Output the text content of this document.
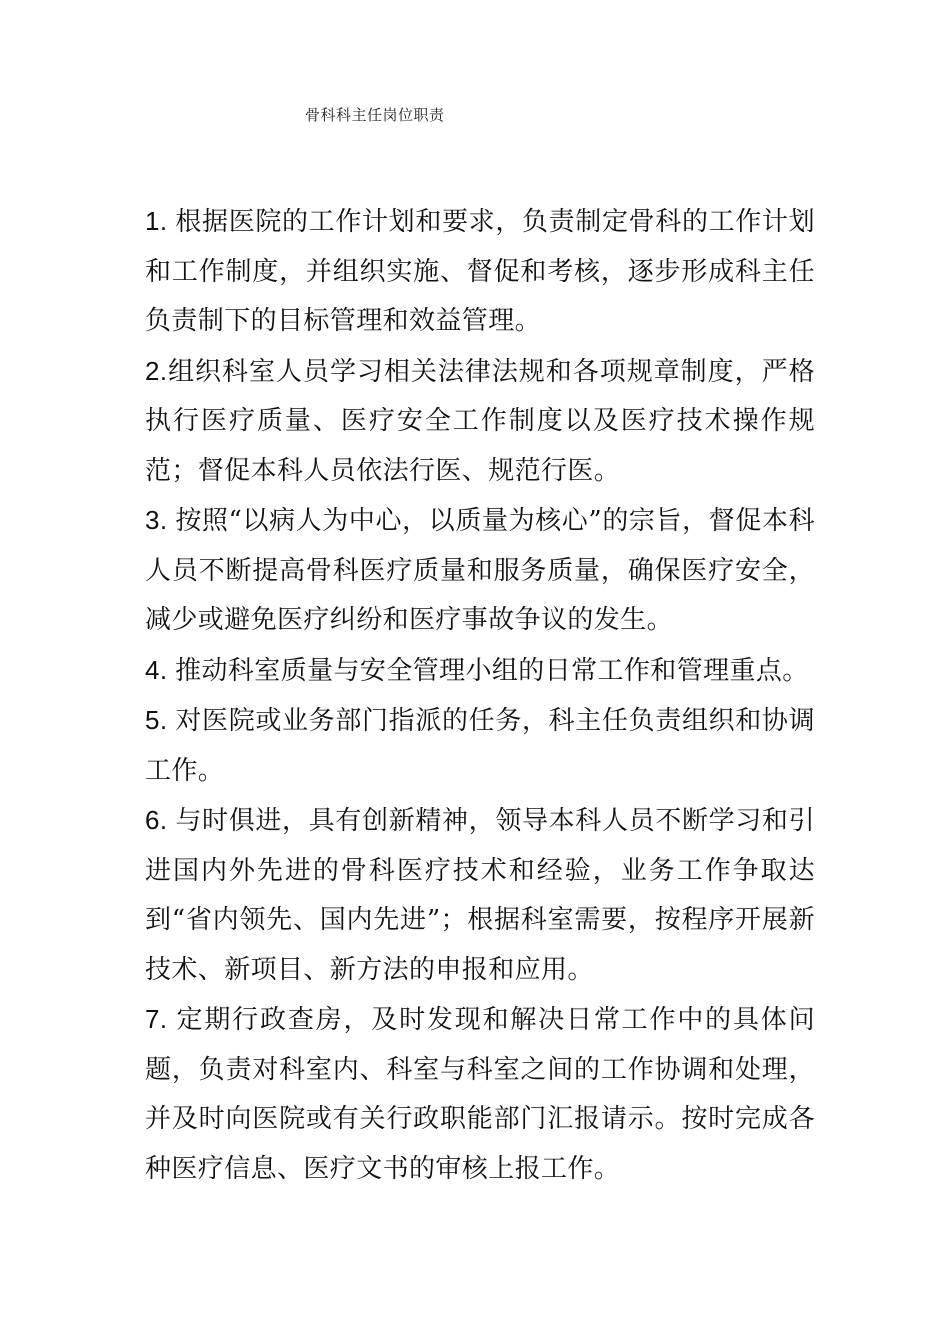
骨科科主任岗位职责

1. 根据医院的工作计划和要求，负责制定骨科的工作计划和工作制度，并组织实施、督促和考核，逐步形成科主任负责制下的目标管理和效益管理。

2.组织科室人员学习相关法律法规和各项规章制度，严格执行医疗质量、医疗安全工作制度以及医疗技术操作规范；督促本科人员依法行医、规范行医。

3. 按照“以病人为中心，以质量为核心”的宗旨，督促本科人员不断提高骨科医疗质量和服务质量，确保医疗安全，减少或避免医疗纠纷和医疗事故争议的发生。

4. 推动科室质量与安全管理小组的日常工作和管理重点。

5. 对医院或业务部门指派的任务，科主任负责组织和协调工作。

6. 与时俱进，具有创新精神，领导本科人员不断学习和引进国内外先进的骨科医疗技术和经验，业务工作争取达到“省内领先、国内先进”；根据科室需要，按程序开展新技术、新项目、新方法的申报和应用。

7. 定期行政查房，及时发现和解决日常工作中的具体问题，负责对科室内、科室与科室之间的工作协调和处理，并及时向医院或有关行政职能部门汇报请示。按时完成各种医疗信息、医疗文书的审核上报工作。
